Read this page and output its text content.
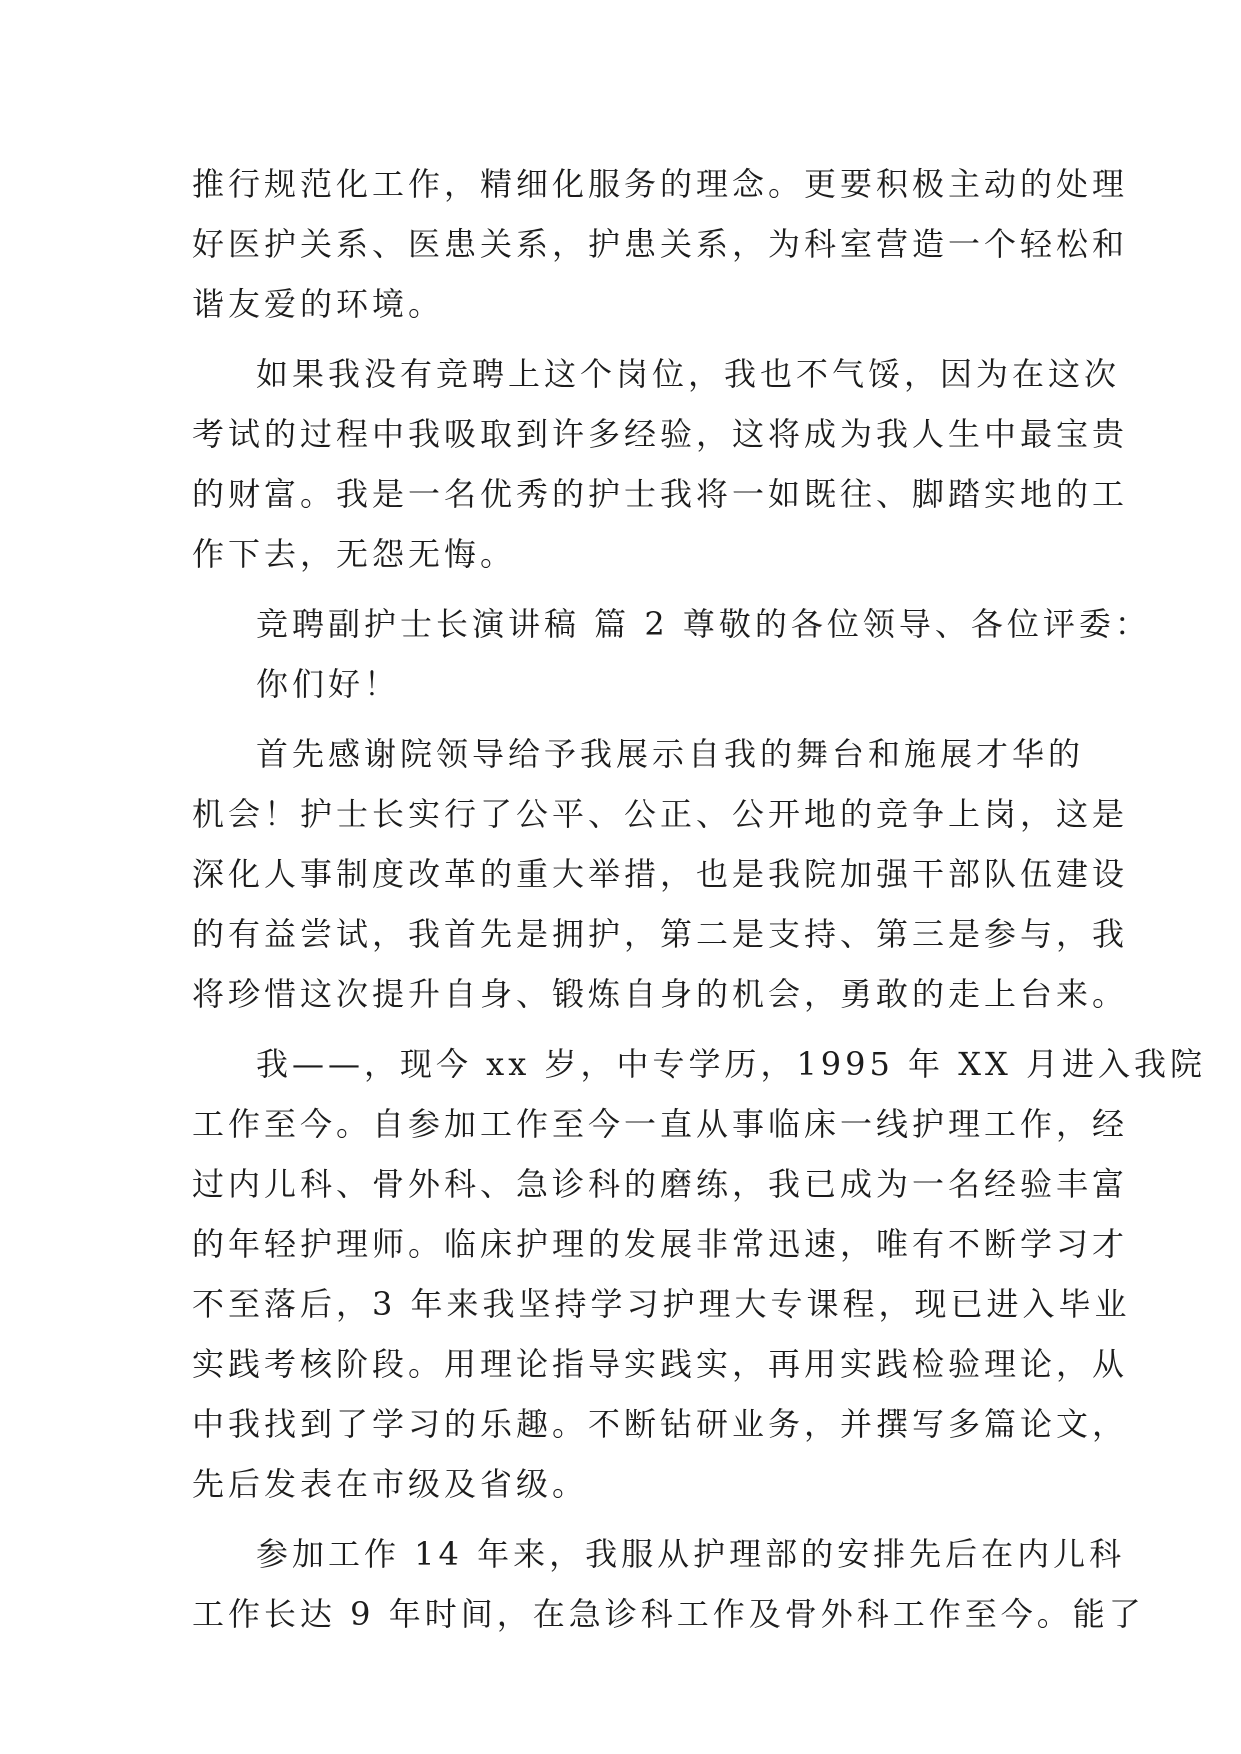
推行规范化工作，精细化服务的理念。更要积极主动的处理
好医护关系、医患关系，护患关系，为科室营造一个轻松和
谐友爱的环境。
如果我没有竞聘上这个岗位，我也不气馁，因为在这次
考试的过程中我吸取到许多经验，这将成为我人生中最宝贵
的财富。我是一名优秀的护士我将一如既往、脚踏实地的工
作下去，无怨无悔。
竞聘副护士长演讲稿 篇 2 尊敬的各位领导、各位评委：
你们好！
首先感谢院领导给予我展示自我的舞台和施展才华的
机会！护士长实行了公平、公正、公开地的竞争上岗，这是
深化人事制度改革的重大举措，也是我院加强干部队伍建设
的有益尝试，我首先是拥护，第二是支持、第三是参与，我
将珍惜这次提升自身、锻炼自身的机会，勇敢的走上台来。
我——，现今 xx 岁，中专学历，1995 年 XX 月进入我院
工作至今。自参加工作至今一直从事临床一线护理工作，经
过内儿科、骨外科、急诊科的磨练，我已成为一名经验丰富
的年轻护理师。临床护理的发展非常迅速，唯有不断学习才
不至落后，3 年来我坚持学习护理大专课程，现已进入毕业
实践考核阶段。用理论指导实践实，再用实践检验理论，从
中我找到了学习的乐趣。不断钻研业务，并撰写多篇论文，
先后发表在市级及省级。
参加工作 14 年来，我服从护理部的安排先后在内儿科
工作长达 9 年时间，在急诊科工作及骨外科工作至今。能了
